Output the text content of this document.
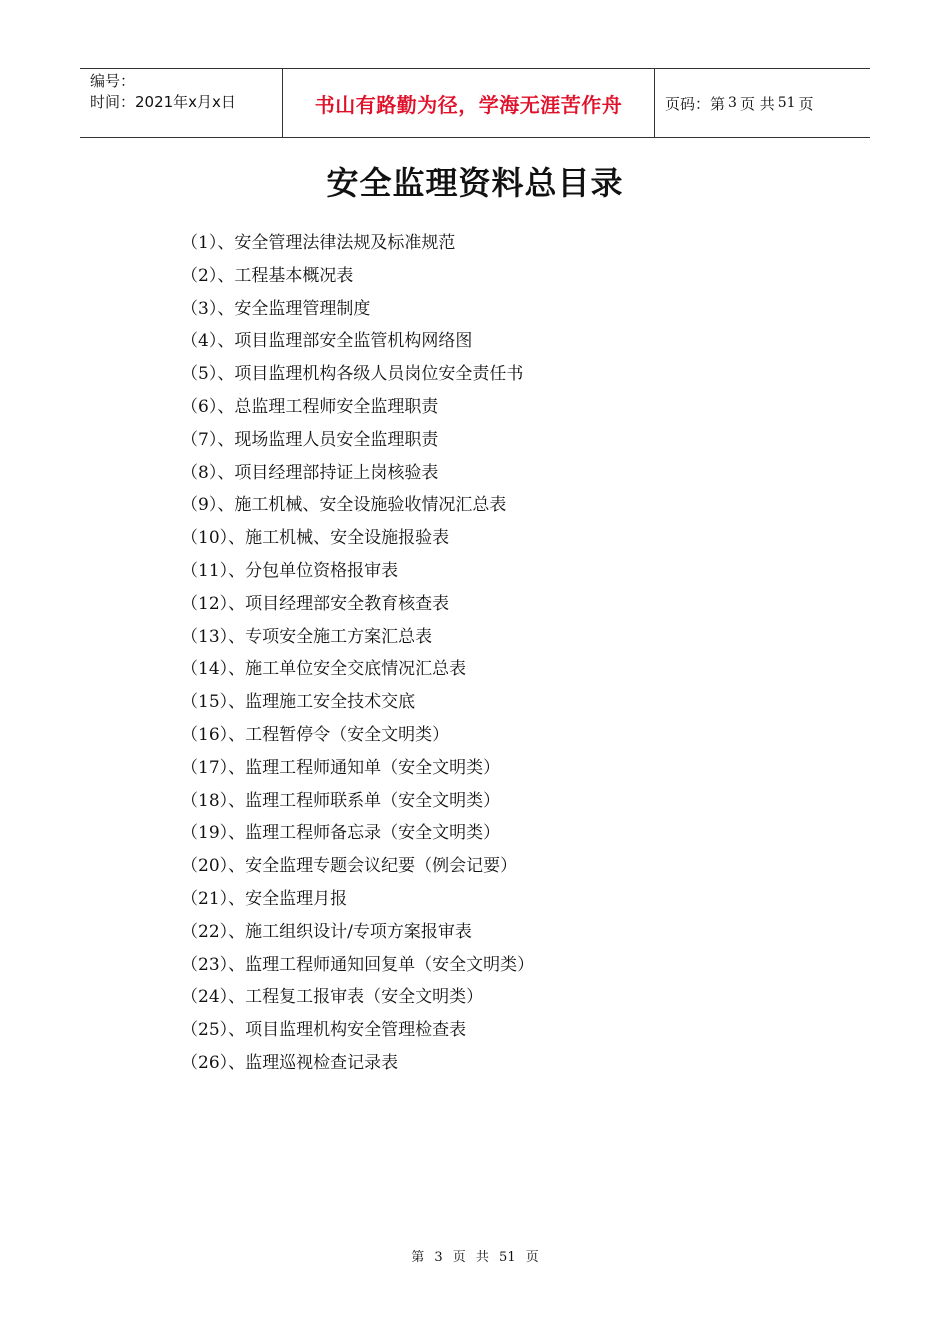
编号：
时间：2021年x月x日	书山有路勤为径，学海无涯苦作舟	页码：第 3 页 共 51 页
安全监理资料总目录
（1）、安全管理法律法规及标准规范
（2）、工程基本概况表
（3）、安全监理管理制度
（4）、项目监理部安全监管机构网络图
（5）、项目监理机构各级人员岗位安全责任书
（6）、总监理工程师安全监理职责
（7）、现场监理人员安全监理职责
（8）、项目经理部持证上岗核验表
（9）、施工机械、安全设施验收情况汇总表
（10）、施工机械、安全设施报验表
（11）、分包单位资格报审表
（12）、项目经理部安全教育核查表
（13）、专项安全施工方案汇总表
（14）、施工单位安全交底情况汇总表
（15）、监理施工安全技术交底
（16）、工程暂停令（安全文明类）
（17）、监理工程师通知单（安全文明类）
（18）、监理工程师联系单（安全文明类）
（19）、监理工程师备忘录（安全文明类）
（20）、安全监理专题会议纪要（例会记要）
（21）、安全监理月报
（22）、施工组织设计/专项方案报审表
（23）、监理工程师通知回复单（安全文明类）
（24）、工程复工报审表（安全文明类）
（25）、项目监理机构安全管理检查表
（26）、监理巡视检查记录表
第 3 页 共 51 页
